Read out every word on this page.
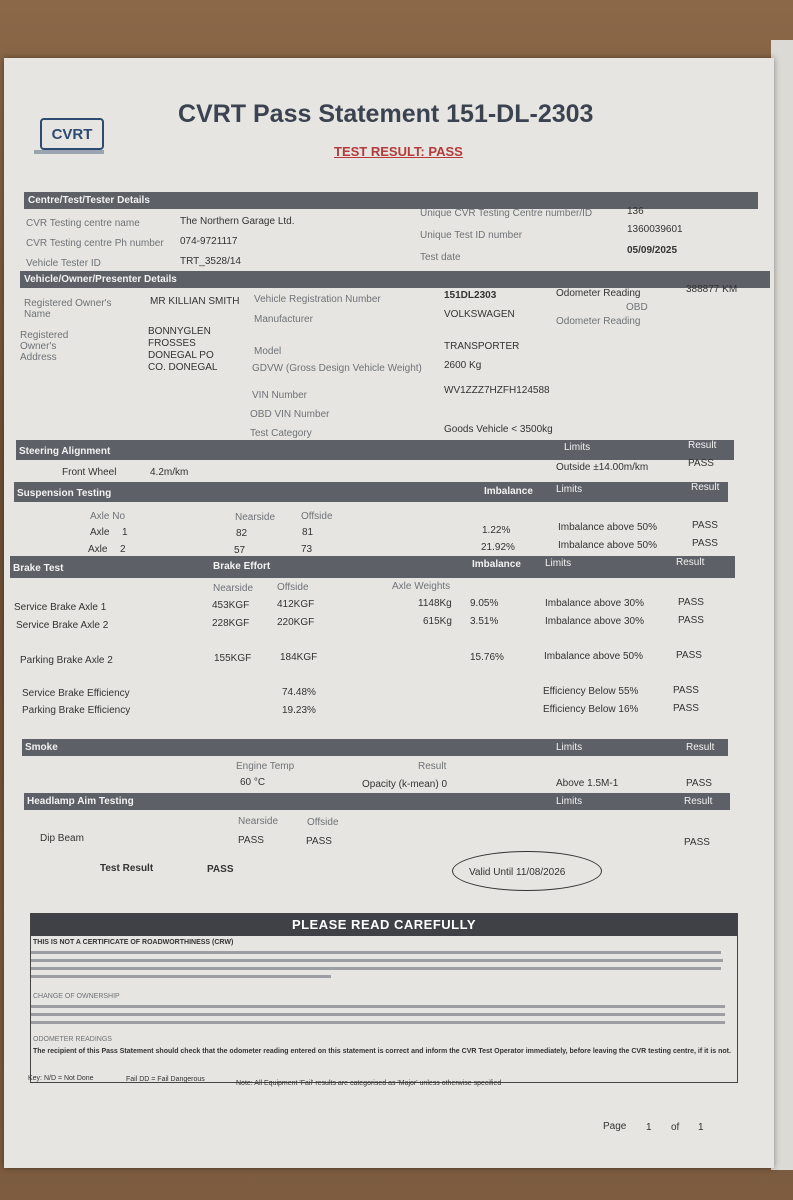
CVRT
CVRT Pass Statement 151-DL-2303
TEST RESULT: PASS
Centre/Test/Tester Details
CVR Testing centre name	The Northern Garage Ltd.
CVR Testing centre Ph number 074-9721117
Vehicle Tester ID	TRT_3528/14
Unique CVR Testing Centre number/ID	136
Unique Test ID number
1360039601
Test date
05/09/2025
Vehicle/Owner/Presenter Details
Registered Owner's Name
MR KILLIAN SMITH
Registered Owner's Address
BONNYGLEN
FROSSES
DONEGAL PO
CO. DONEGAL
Vehicle Registration Number	151DL2303
Manufacturer	VOLKSWAGEN
Model	TRANSPORTER
GDVW (Gross Design Vehicle Weight) 2600 Kg
VIN Number	WV1ZZZ7HZFH124588
OBD VIN Number
Test Category	Goods Vehicle < 3500kg
Odometer Reading	388877 KM
OBD
Odometer Reading
Steering Alignment	Limits	Result
Front Wheel	4.2m/km	Outside ±14.00m/km	PASS
Suspension Testing	Imbalance Limits	Result
Axle No	Nearside	Offside
Axle 1	82	81	1.22%	Imbalance above 50%	PASS
Axle 2	57	73	21.92%	Imbalance above 50%	PASS
Brake Test	Brake Effort	Imbalance Limits	Result
Nearside Offside	Axle Weights
Service Brake Axle 1	453KGF	412KGF	1148Kg 9.05%	Imbalance above 30%	PASS
Service Brake Axle 2	228KGF	220KGF	615Kg 3.51%	Imbalance above 30%	PASS
Parking Brake Axle 2	155KGF	184KGF	15.76%	Imbalance above 50%	PASS
Service Brake Efficiency	74.48%	Efficiency Below 55%	PASS
Parking Brake Efficiency	19.23%	Efficiency Below 16%	PASS
Smoke	Limits	Result
Engine Temp
60 °C
Result
Opacity (k-mean) 0	Above 1.5M-1	PASS
Headlamp Aim Testing	Limits	Result
Nearside	Offside
Dip Beam	PASS	PASS	PASS
Test Result	PASS	Valid Until 11/08/2026
PLEASE READ CAREFULLY
THIS IS NOT A CERTIFICATE OF ROADWORTHINESS (CRW)
CHANGE OF OWNERSHIP
ODOMETER READINGS
The recipient of this Pass Statement should check that the odometer reading entered on this statement is correct and inform the CVR Test Operator immediately, before leaving the CVR testing centre, if it is not.
Key: N/D = Not Done	Fail DD = Fail Dangerous
Note: All Equipment 'Fail' results are categorised as 'Major' unless otherwise specified
Page 1 of 1
